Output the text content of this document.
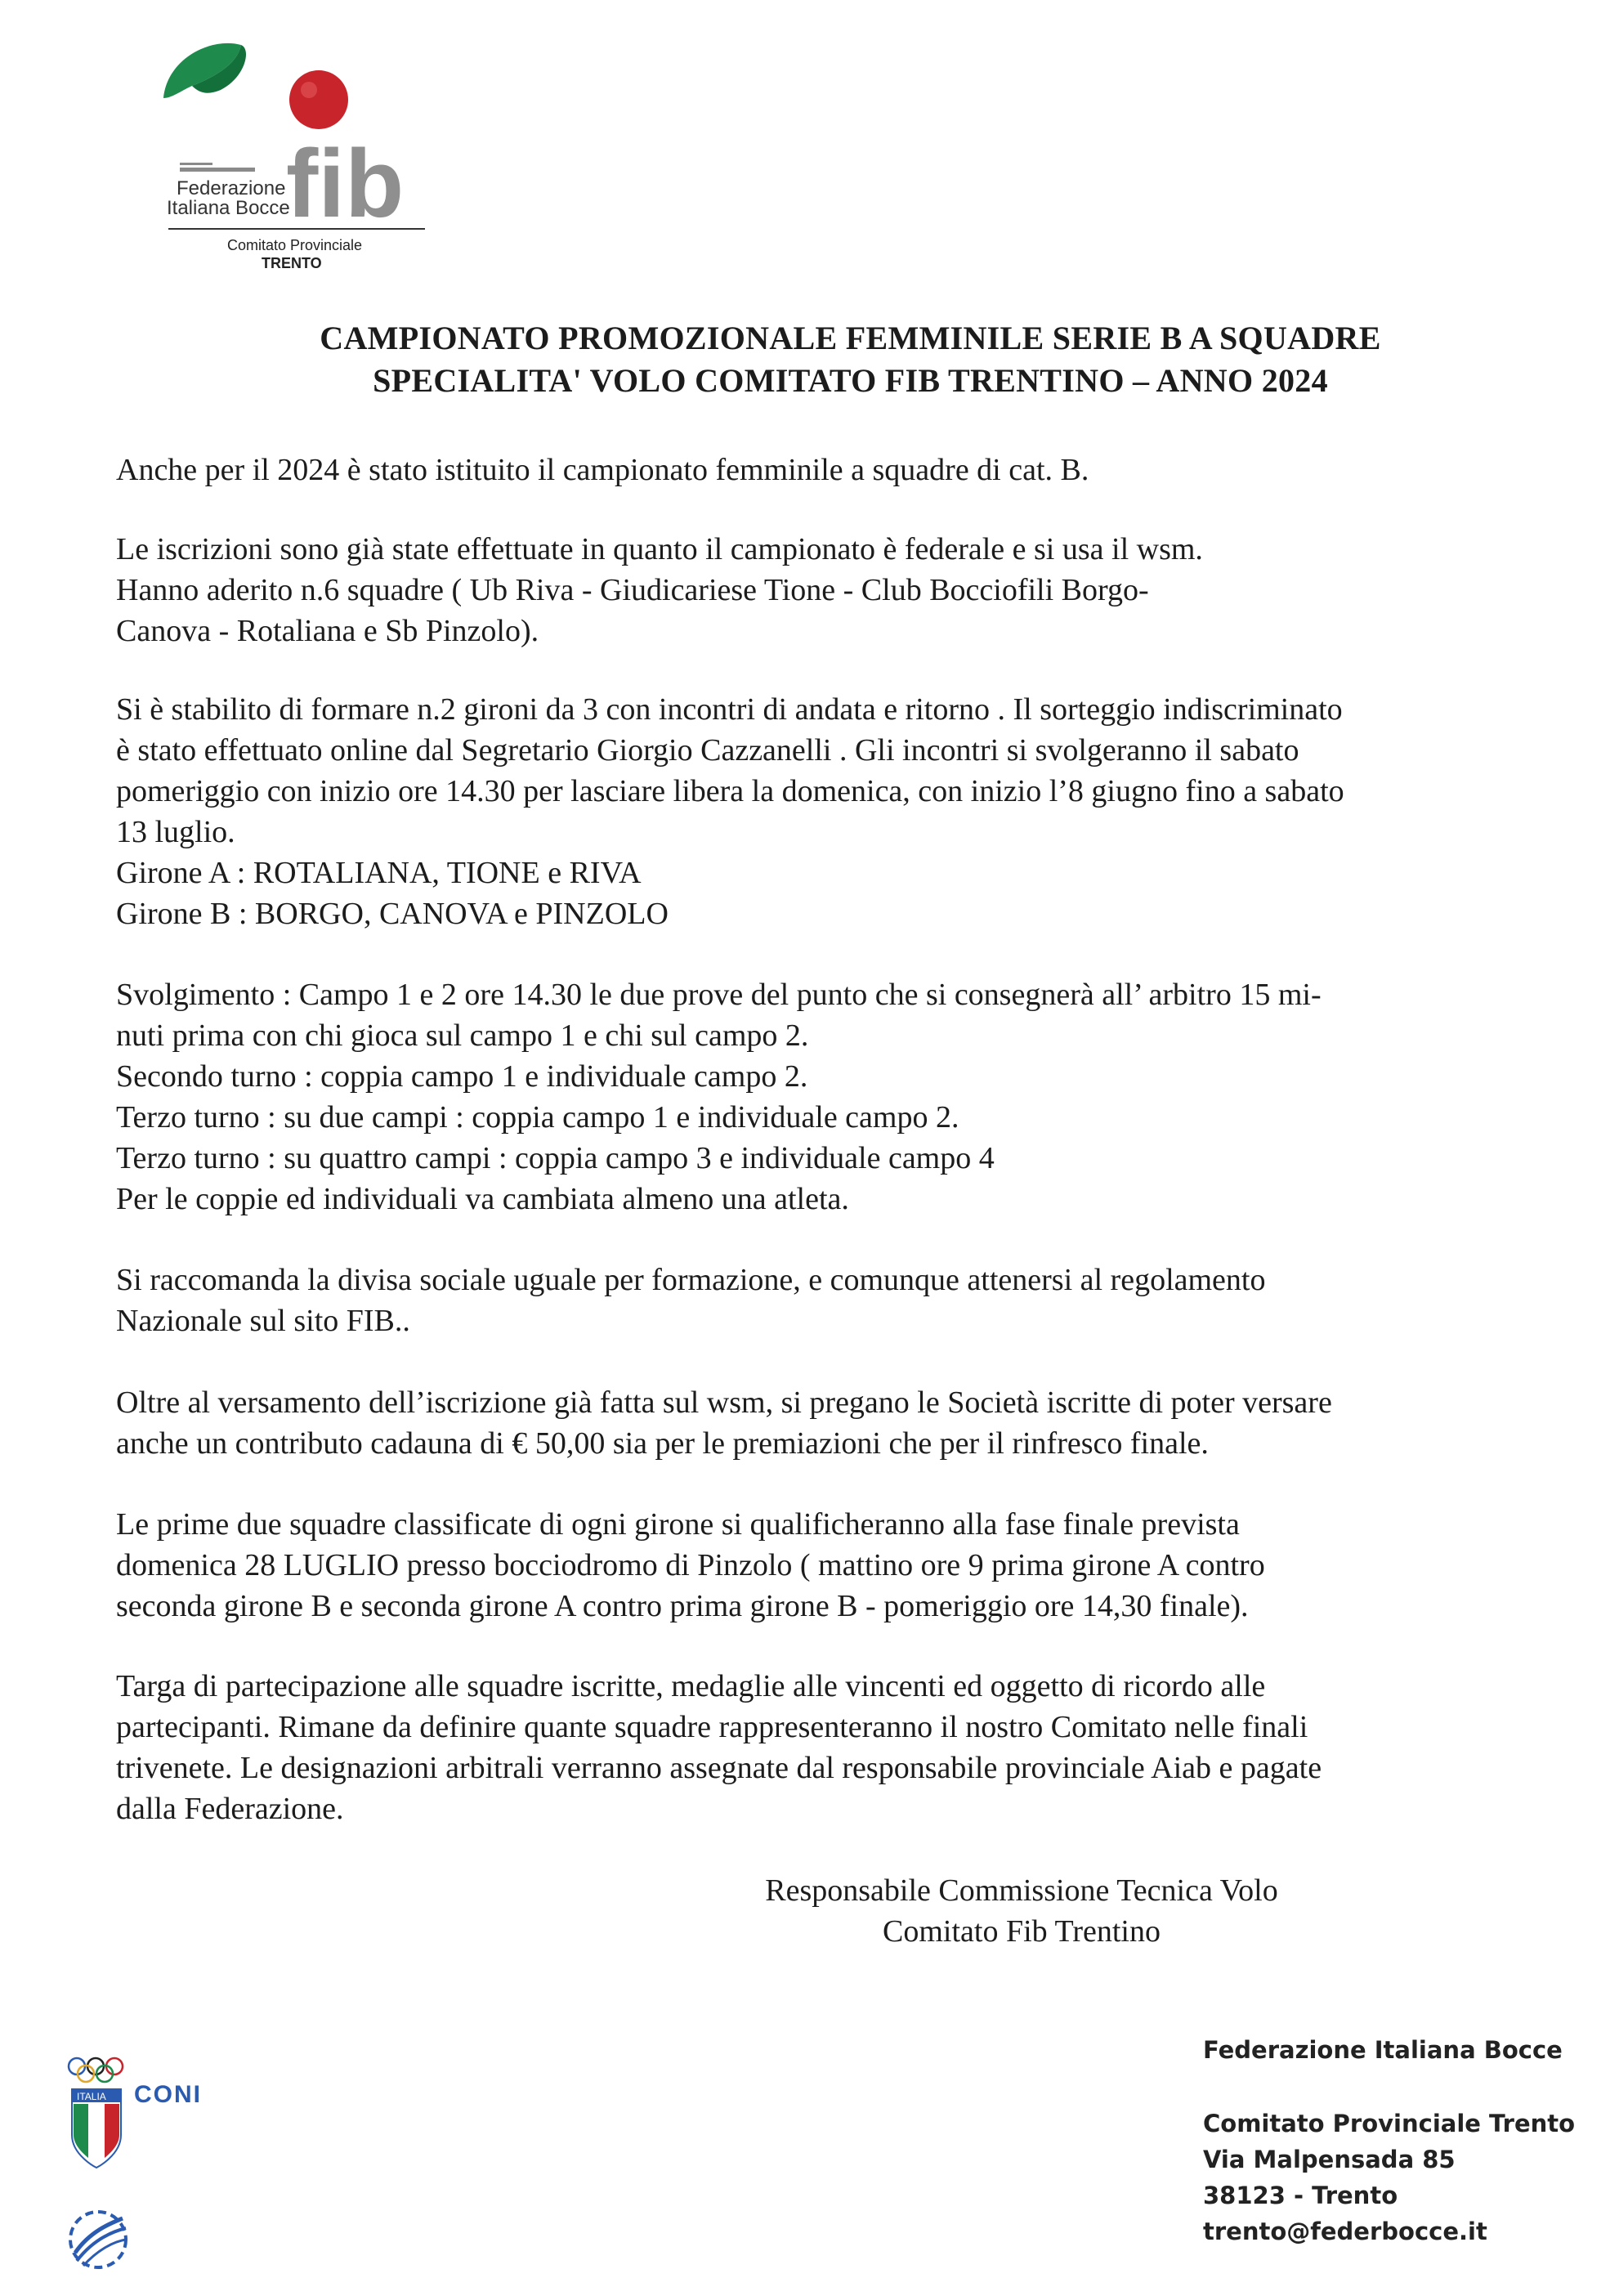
fib
Federazione
Italiana Bocce
Comitato Provinciale
TRENTO
CAMPIONATO PROMOZIONALE FEMMINILE SERIE B A SQUADRE
SPECIALITA' VOLO COMITATO FIB TRENTINO – ANNO 2024

Anche per il 2024 è stato istituito il campionato femminile a squadre di cat. B.

Le iscrizioni sono già state effettuate in quanto il campionato è federale e si usa il wsm.

Hanno aderito n.6 squadre ( Ub Riva - Giudicariese Tione - Club Bocciofili Borgo-

Canova - Rotaliana e Sb Pinzolo).

Si è stabilito di formare n.2 gironi da 3 con incontri di andata e ritorno . Il sorteggio indiscriminato

è stato effettuato online dal Segretario Giorgio Cazzanelli . Gli incontri si svolgeranno il sabato

pomeriggio con inizio ore 14.30 per lasciare libera la domenica, con inizio l’8 giugno fino a sabato

13 luglio.

Girone A : ROTALIANA, TIONE e RIVA

Girone B : BORGO, CANOVA e PINZOLO

Svolgimento : Campo 1 e 2 ore 14.30 le due prove del punto che si consegnerà all’ arbitro 15 mi-

nuti prima con chi gioca sul campo 1 e chi sul campo 2.

Secondo turno : coppia campo 1 e individuale campo 2.

Terzo turno : su due campi : coppia campo 1 e individuale campo 2.

Terzo turno : su quattro campi : coppia campo 3 e individuale campo 4

Per le coppie ed individuali va cambiata almeno una atleta.

Si raccomanda la divisa sociale uguale per formazione, e comunque attenersi al regolamento

Nazionale sul sito FIB..

Oltre al versamento dell’iscrizione già fatta sul wsm, si pregano le Società iscritte di poter versare

anche un contributo cadauna di € 50,00 sia per le premiazioni che per il rinfresco finale.

Le prime due squadre classificate di ogni girone si qualificheranno alla fase finale prevista

domenica 28 LUGLIO presso bocciodromo di Pinzolo ( mattino ore 9 prima girone A contro

seconda girone B e seconda girone A contro prima girone B - pomeriggio ore 14,30 finale).

Targa di partecipazione alle squadre iscritte, medaglie alle vincenti ed oggetto di ricordo alle

partecipanti. Rimane da definire quante squadre rappresenteranno il nostro Comitato nelle finali

trivenete. Le designazioni arbitrali verranno assegnate dal responsabile provinciale Aiab e pagate

dalla Federazione.

Responsabile Commissione Tecnica Volo
Comitato Fib Trentino
ITALIA CONI
Federazione Italiana Bocce
Comitato Provinciale Trento
Via Malpensada 85
38123 - Trento
trento@federbocce.it
